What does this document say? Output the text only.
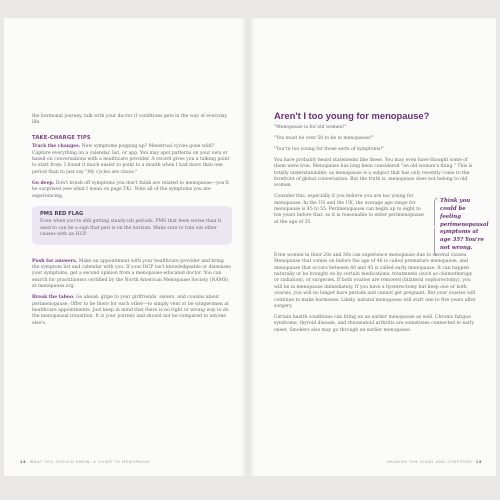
the hormonal journey, talk with your doctor if conditions gets in the way of everyday life.

TAKE-CHARGE TIPS

Track the changes. New symptoms popping up? Menstrual cycles gone wild? Capture everything on a calendar, list, or app. You may spot patterns on your own or based on conversations with a healthcare provider. A record gives you a talking point to start from. I found it much easier to point to a month when I had more than one period than to just say "My cycles are chaos."

Go deep. Don't brush off symptoms you don't think are related to menopause—you'll be surprised (see what I mean on page TK). Note all of the symptoms you are experiencing.

PMS RED FLAG
Even when you're still getting steady-ish periods, PMS that feels worse than it used to can be a sign that peri is on the horizon. Make sure to rule out other causes with an HCP.

Push for answers. Make an appointment with your healthcare provider and bring the symptom list and calendar with you. If your HCP isn't knowledgeable or dismisses your symptoms, get a second opinion from a menopause-educated doctor. You can search for practitioners certified by the North American Menopause Society (NAMS) at menopause.org.

Break the taboo. Go ahead: gripe to your girlfriends, sisters, and cousins about perimenopause. Offer to be there for each other—to simply vent or be wingwomen at healthcare appointments. Just keep in mind that there is no right or wrong way to do the menopausal transition. It is your journey and should not be compared to anyone else's.

14 WHAT YOU SHOULD KNOW: A GUIDE TO MENOPAUSE
Aren't I too young for menopause?

"Menopause is for old women!"

"You must be over 50 to be in menopause!"

"You're too young for those sorts of symptoms!"

You have probably heard statements like these. You may even have thought some of them were true. Menopause has long been considered "an old woman's thing." This is totally understandable, as menopause is a subject that has only recently come to the forefront of global conversation. But the truth is, menopause does not belong to old women.

Consider this, especially if you believe you are too young for menopause: In the US and the UK, the average age range for menopause is 45 to 55. Perimenopause can begin up to eight to ten years before that, so it is reasonable to enter perimenopause at the age of 35.

Think you could be feeling perimenopausal symptoms at age 35? You're not wrong.

Even women in their 20s and 30s can experience menopause due to several causes. Menopause that comes on before the age of 40 is called premature menopause, and menopause that occurs between 40 and 45 is called early menopause. It can happen naturally or be brought on by certain medications, treatments (such as chemotherapy or radiation), or surgeries. If both ovaries are removed (bilateral oophorectomy), you will be in menopause immediately. If you have a hysterectomy but keep one or both ovaries, you will no longer have periods and cannot get pregnant. But your ovaries will continue to make hormones. Likely, natural menopause will start one to five years after surgery.

Certain health conditions can bring on an earlier menopause as well. Chronic fatigue syndrome, thyroid disease, and rheumatoid arthritis are sometimes connected to early onset. Smokers also may go through an earlier menopause.

HEARING THE SIGNS AND SYMPTOMS 15
